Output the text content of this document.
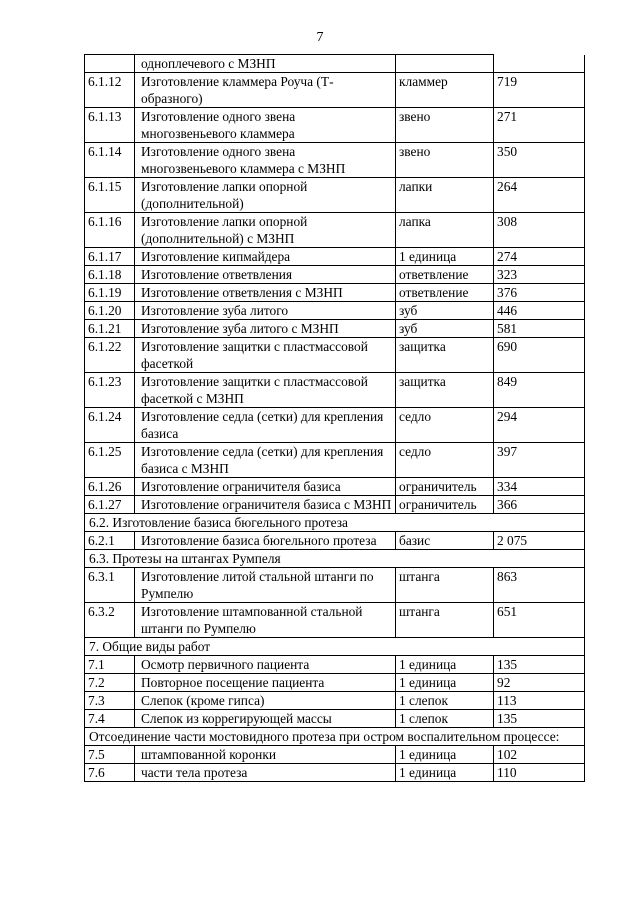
7
	одноплечевого с МЗНП		
6.1.12	Изготовление кламмера Роуча (Т-образного)	кламмер	719
6.1.13	Изготовление одного звена многозвеньевого кламмера	звено	271
6.1.14	Изготовление одного звена многозвеньевого кламмера с МЗНП	звено	350
6.1.15	Изготовление лапки опорной (дополнительной)	лапки	264
6.1.16	Изготовление лапки опорной (дополнительной) с МЗНП	лапка	308
6.1.17	Изготовление кипмайдера	1 единица	274
6.1.18	Изготовление ответвления	ответвление	323
6.1.19	Изготовление ответвления с МЗНП	ответвление	376
6.1.20	Изготовление зуба литого	зуб	446
6.1.21	Изготовление зуба литого с МЗНП	зуб	581
6.1.22	Изготовление защитки с пластмассовой фасеткой	защитка	690
6.1.23	Изготовление защитки с пластмассовой фасеткой с МЗНП	защитка	849
6.1.24	Изготовление седла (сетки) для крепления базиса	седло	294
6.1.25	Изготовление седла (сетки) для крепления базиса с МЗНП	седло	397
6.1.26	Изготовление ограничителя базиса	ограничитель	334
6.1.27	Изготовление ограничителя базиса с МЗНП	ограничитель	366
6.2. Изготовление базиса бюгельного протеза			
6.2.1	Изготовление базиса бюгельного протеза	базис	2 075
6.3. Протезы на штангах Румпеля			
6.3.1	Изготовление литой стальной штанги по Румпелю	штанга	863
6.3.2	Изготовление штампованной стальной штанги по Румпелю	штанга	651
7. Общие виды работ			
7.1	Осмотр первичного пациента	1 единица	135
7.2	Повторное посещение пациента	1 единица	92
7.3	Слепок (кроме гипса)	1 слепок	113
7.4	Слепок из коррегирующей массы	1 слепок	135
Отсоединение части мостовидного протеза при остром воспалительном процессе:			
7.5	штампованной коронки	1 единица	102
7.6	части тела протеза	1 единица	110
